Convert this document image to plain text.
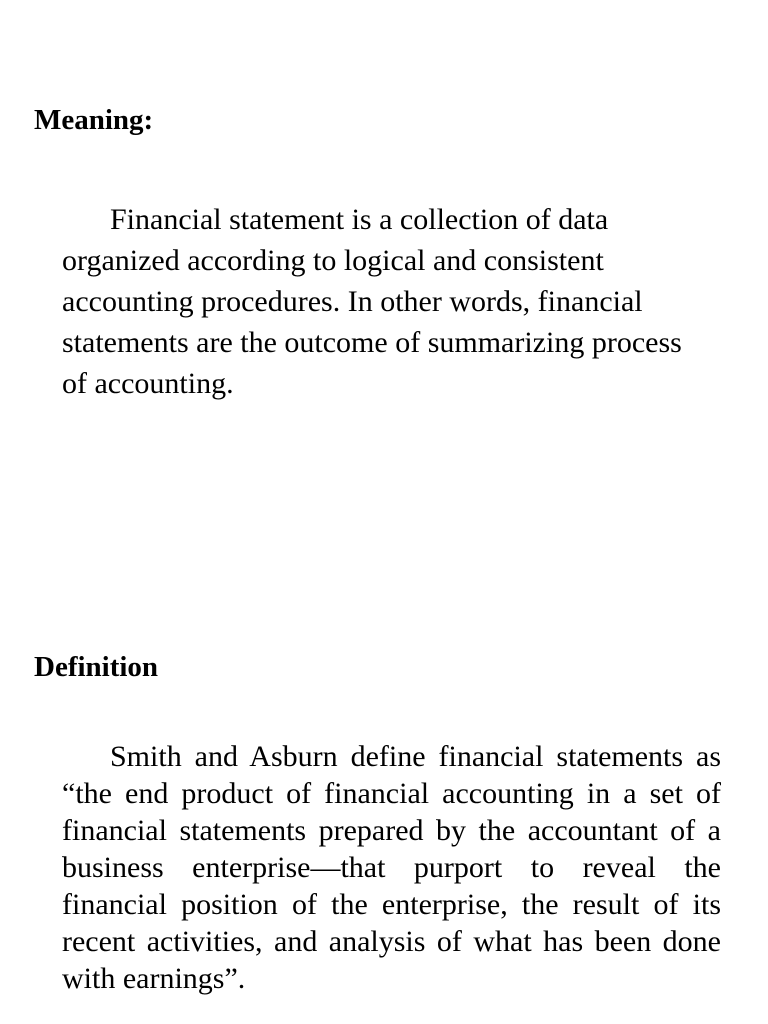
Meaning:

Financial statement is a collection of data organized according to logical and consistent accounting procedures. In other words, financial statements are the outcome of summarizing process of accounting.

Definition

Smith and Asburn define financial statements as “the end product of financial accounting in a set of financial statements prepared by the accountant of a business enterprise—that purport to reveal the financial position of the enterprise, the result of its recent activities, and analysis of what has been done with earnings”.
